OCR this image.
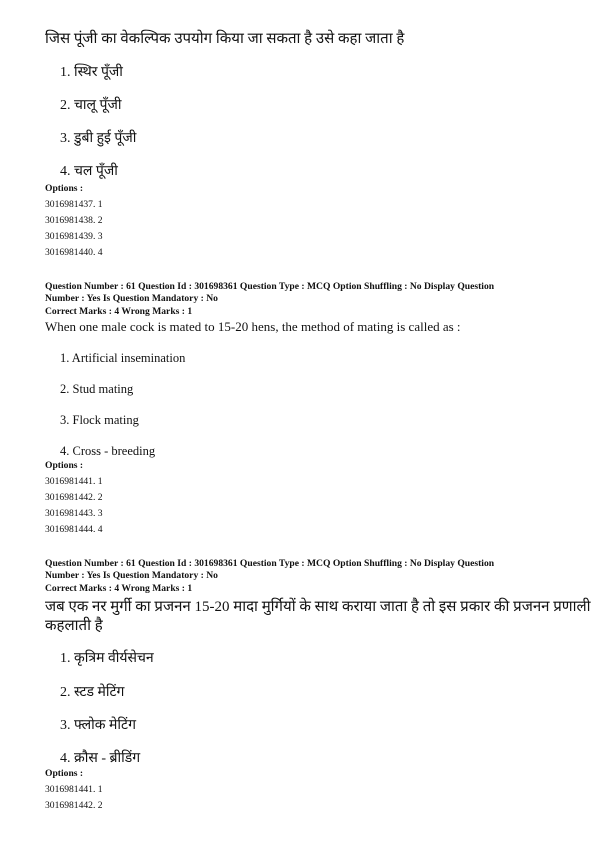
जिस पूंजी का वेकल्पिक उपयोग किया जा सकता है उसे कहा जाता है
1. स्थिर पूँजी
2. चालू पूँजी
3. डुबी हुई पूँजी
4. चल पूँजी
Options :
3016981437. 1
3016981438. 2
3016981439. 3
3016981440. 4
Question Number : 61 Question Id : 301698361 Question Type : MCQ Option Shuffling : No Display Question
Number : Yes Is Question Mandatory : No
Correct Marks : 4 Wrong Marks : 1
When one male cock is mated to 15-20 hens, the method of mating is called as :
1. Artificial insemination
2. Stud mating
3. Flock mating
4. Cross - breeding
Options :
3016981441. 1
3016981442. 2
3016981443. 3
3016981444. 4
Question Number : 61 Question Id : 301698361 Question Type : MCQ Option Shuffling : No Display Question
Number : Yes Is Question Mandatory : No
Correct Marks : 4 Wrong Marks : 1
जब एक नर मुर्गी का प्रजनन 15-20 मादा मुर्गियों के साथ कराया जाता है तो इस प्रकार की प्रजनन प्रणाली
कहलाती है
1. कृत्रिम वीर्यसेचन
2. स्टड मेटिंग
3. फ्लोक मेटिंग
4. क्रौस - ब्रीडिंग
Options :
3016981441. 1
3016981442. 2
